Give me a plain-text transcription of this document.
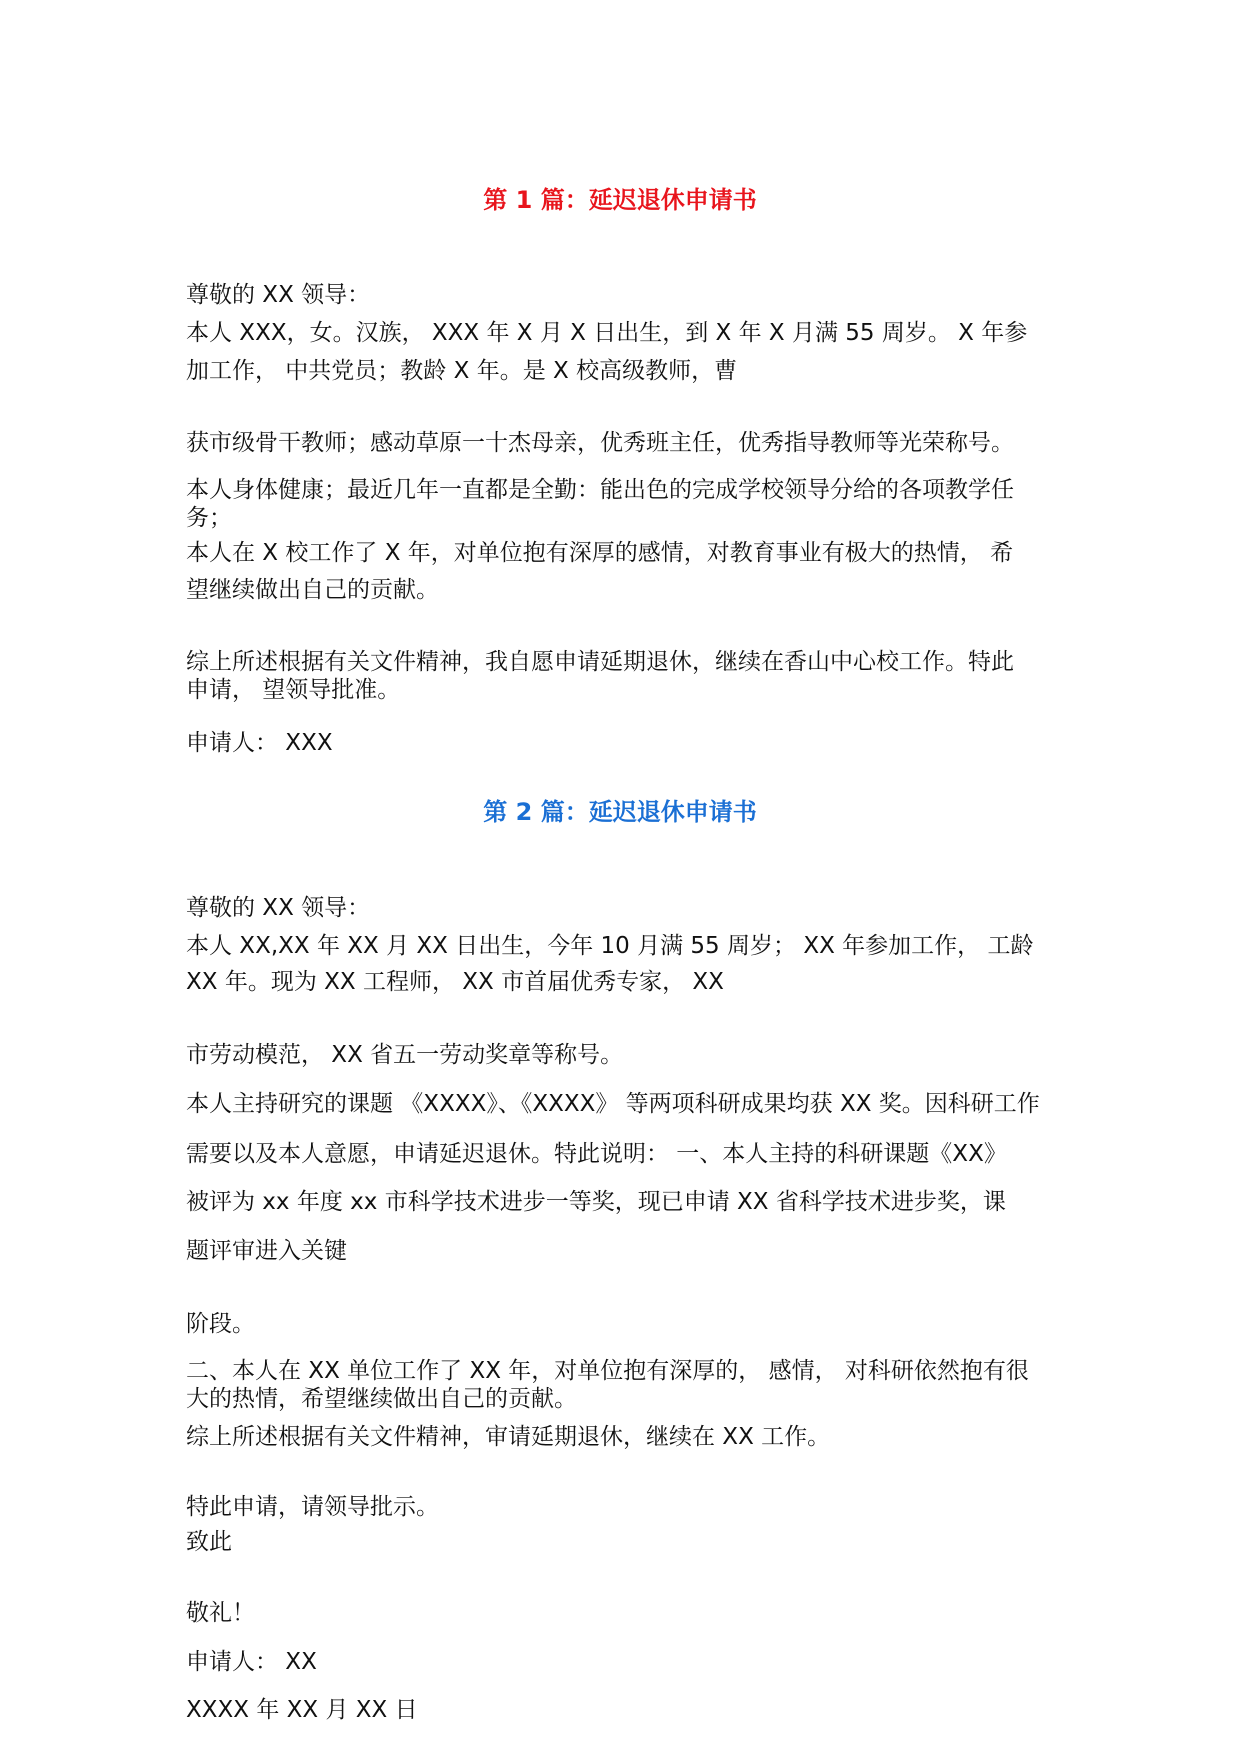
第 1 篇：延迟退休申请书
尊敬的 XX 领导：
本人 XXX，女。汉族， XXX 年 X 月 X 日出生，到 X 年 X 月满 55 周岁。 X 年参
加工作， 中共党员；教龄 X 年。是 X 校高级教师，曹
获市级骨干教师；感动草原一十杰母亲，优秀班主任，优秀指导教师等光荣称号。
本人身体健康；最近几年一直都是全勤：能出色的完成学校领导分给的各项教学任
务；
本人在 X 校工作了 X 年，对单位抱有深厚的感情，对教育事业有极大的热情， 希
望继续做出自己的贡献。
综上所述根据有关文件精神，我自愿申请延期退休，继续在香山中心校工作。特此
申请， 望领导批准。
申请人： XXX
第 2 篇：延迟退休申请书
尊敬的 XX 领导：
本人 XX,XX 年 XX 月 XX 日出生，今年 10 月满 55 周岁； XX 年参加工作， 工龄
XX 年。现为 XX 工程师， XX 市首届优秀专家， XX
市劳动模范， XX 省五一劳动奖章等称号。
本人主持研究的课题 《XXXX》、《XXXX》 等两项科研成果均获 XX 奖。因科研工作
需要以及本人意愿，申请延迟退休。特此说明： 一、本人主持的科研课题《XX》
被评为 xx 年度 xx 市科学技术进步一等奖，现已申请 XX 省科学技术进步奖，课
题评审进入关键
阶段。
二、本人在 XX 单位工作了 XX 年，对单位抱有深厚的， 感情， 对科研依然抱有很
大的热情，希望继续做出自己的贡献。
综上所述根据有关文件精神，审请延期退休，继续在 XX 工作。
特此申请，请领导批示。
致此
敬礼！
申请人： XX
XXXX 年 XX 月 XX 日
